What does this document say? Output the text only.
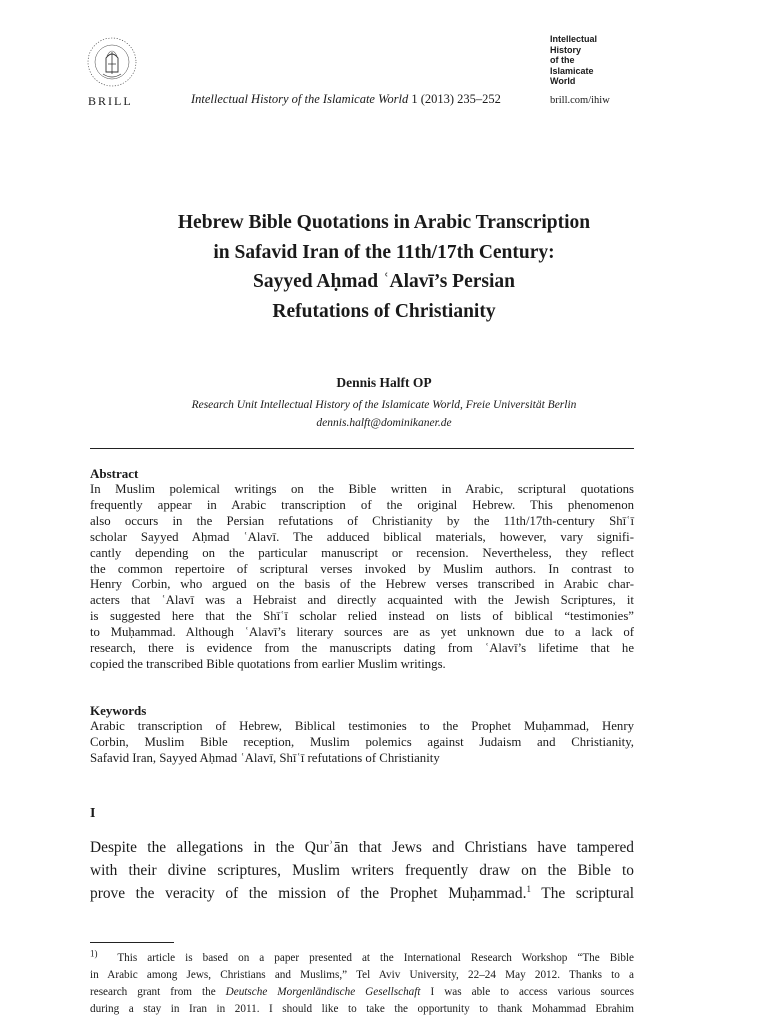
BRILL	Intellectual History of the Islamicate World 1 (2013) 235–252
Intellectual
History
of the
Islamicate
World
brill.com/ihiw
Hebrew Bible Quotations in Arabic Transcription
in Safavid Iran of the 11th/17th Century:
Sayyed Aḥmad ʿAlavī’s Persian
Refutations of Christianity
Dennis Halft OP
Research Unit Intellectual History of the Islamicate World, Freie Universität Berlin
dennis.halft@dominikaner.de
Abstract
In Muslim polemical writings on the Bible written in Arabic, scriptural quotations
frequently appear in Arabic transcription of the original Hebrew. This phenomenon
also occurs in the Persian refutations of Christianity by the 11th/17th-century Shīʿī
scholar Sayyed Aḥmad ʿAlavī. The adduced biblical materials, however, vary signifi-
cantly depending on the particular manuscript or recension. Nevertheless, they reflect
the common repertoire of scriptural verses invoked by Muslim authors. In contrast to
Henry Corbin, who argued on the basis of the Hebrew verses transcribed in Arabic char-
acters that ʿAlavī was a Hebraist and directly acquainted with the Jewish Scriptures, it
is suggested here that the Shīʿī scholar relied instead on lists of biblical “testimonies”
to Muḥammad. Although ʿAlavī’s literary sources are as yet unknown due to a lack of
research, there is evidence from the manuscripts dating from ʿAlavī’s lifetime that he
copied the transcribed Bible quotations from earlier Muslim writings.
Keywords
Arabic transcription of Hebrew, Biblical testimonies to the Prophet Muḥammad, Henry
Corbin, Muslim Bible reception, Muslim polemics against Judaism and Christianity,
Safavid Iran, Sayyed Aḥmad ʿAlavī, Shīʿī refutations of Christianity
I
Despite the allegations in the Qurʾān that Jews and Christians have tampered
with their divine scriptures, Muslim writers frequently draw on the Bible to
prove the veracity of the mission of the Prophet Muḥammad.$^1$ The scriptural
$^{1)}$ This article is based on a paper presented at the International Research Workshop “The Bible
in Arabic among Jews, Christians and Muslims,” Tel Aviv University, 22–24 May 2012. Thanks to a
research grant from the Deutsche Morgenländische Gesellschaft I was able to access various sources
during a stay in Iran in 2011. I should like to take the opportunity to thank Mohammad Ebrahim
